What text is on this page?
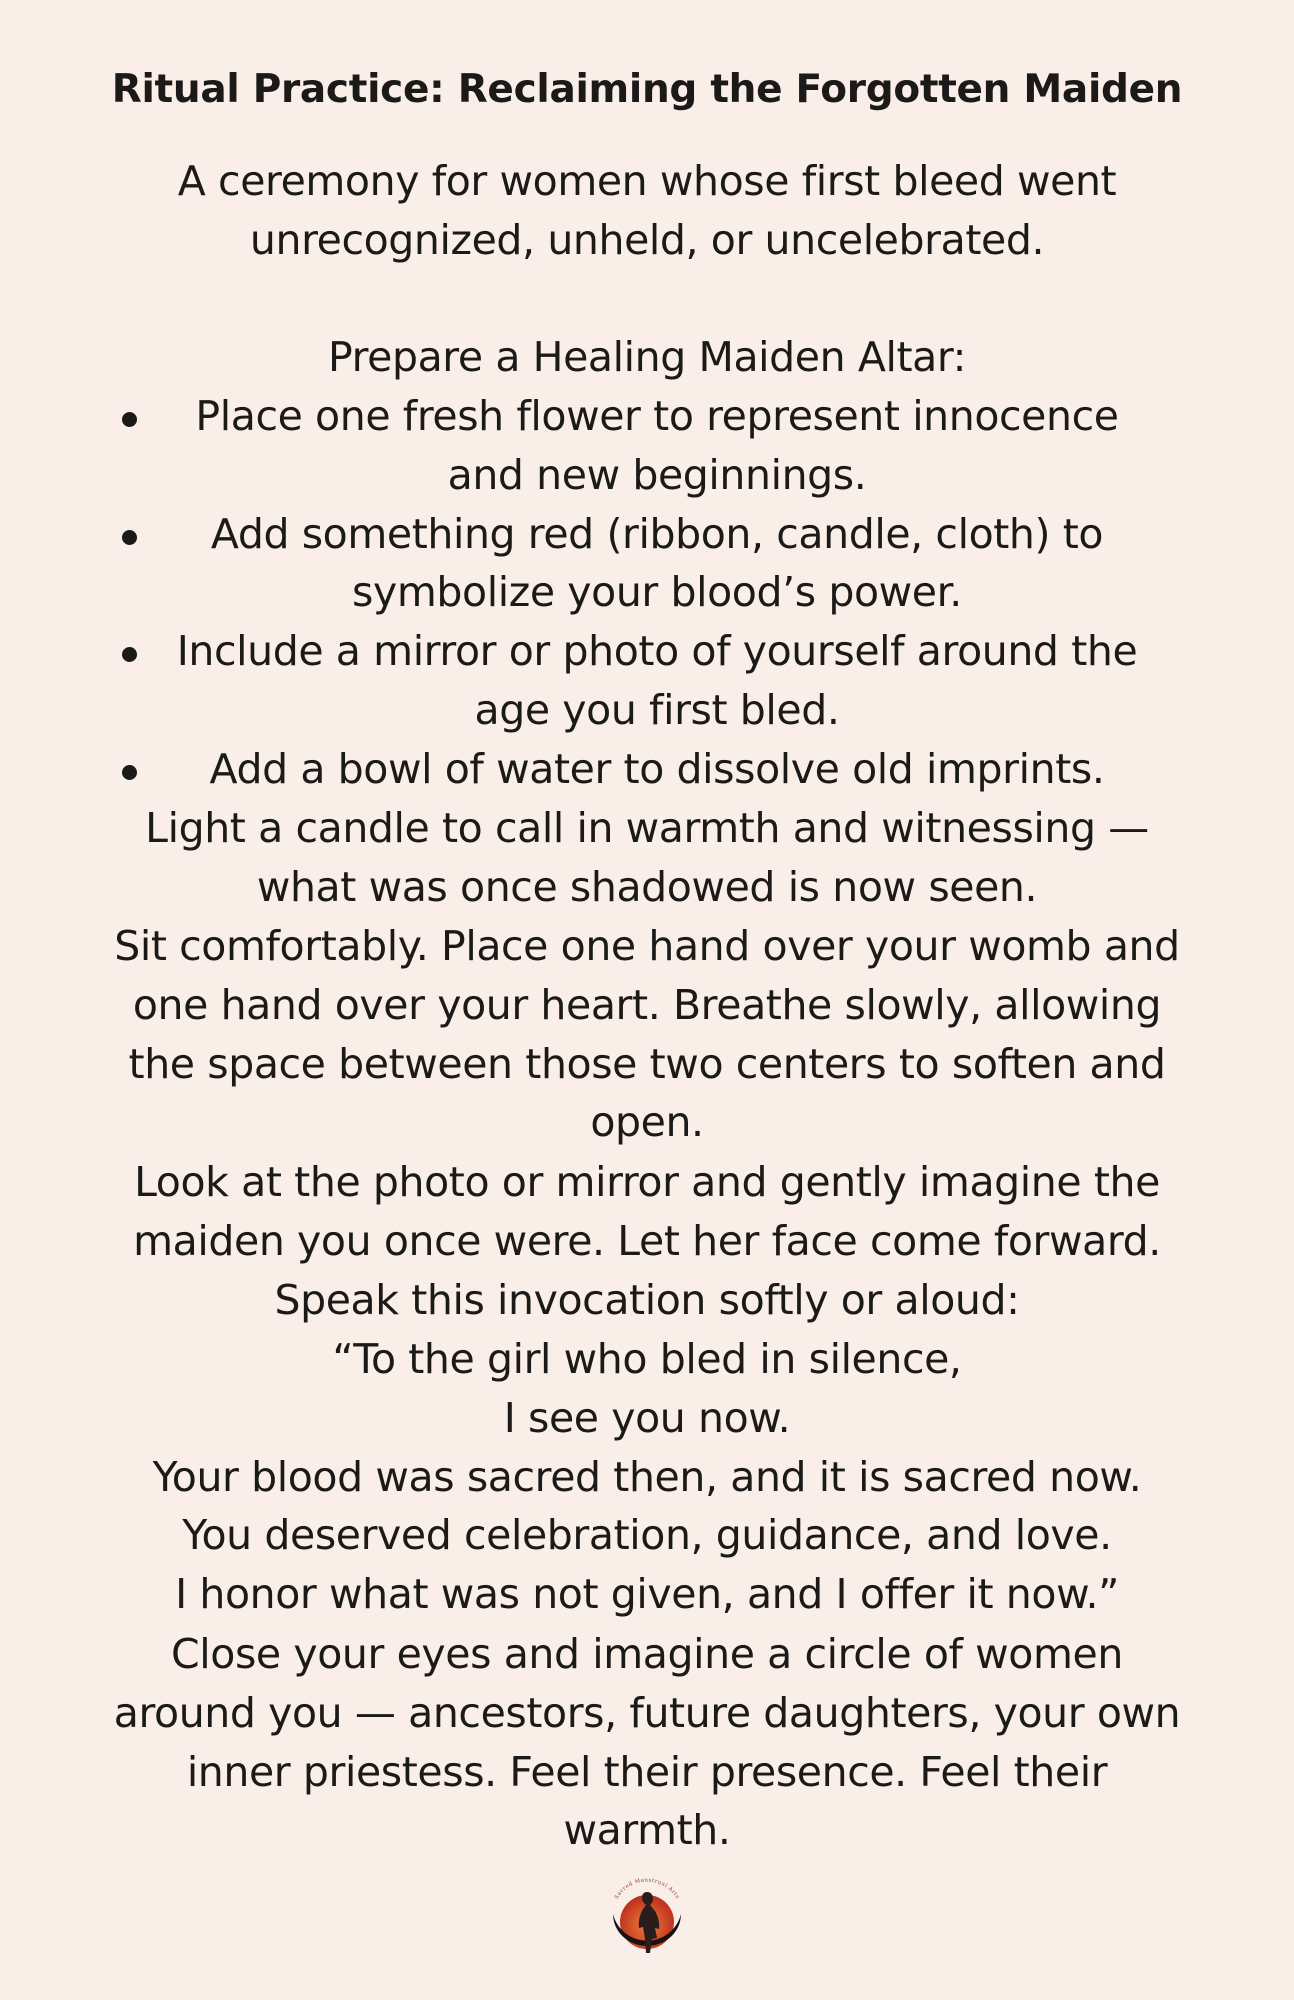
Ritual Practice: Reclaiming the Forgotten Maiden
A ceremony for women whose first bleed went
unrecognized, unheld, or uncelebrated.
Prepare a Healing Maiden Altar:
Place one fresh flower to represent innocence and new beginnings.
Add something red (ribbon, candle, cloth) to symbolize your blood’s power.
Include a mirror or photo of yourself around the age you first bled.
Add a bowl of water to dissolve old imprints.
Light a candle to call in warmth and witnessing —
what was once shadowed is now seen.
Sit comfortably. Place one hand over your womb and
one hand over your heart. Breathe slowly, allowing
the space between those two centers to soften and
open.
Look at the photo or mirror and gently imagine the
maiden you once were. Let her face come forward.
Speak this invocation softly or aloud:
“To the girl who bled in silence,
I see you now.
Your blood was sacred then, and it is sacred now.
You deserved celebration, guidance, and love.
I honor what was not given, and I offer it now.”
Close your eyes and imagine a circle of women
around you — ancestors, future daughters, your own
inner priestess. Feel their presence. Feel their
warmth.
Sacred Menstrual Arts
